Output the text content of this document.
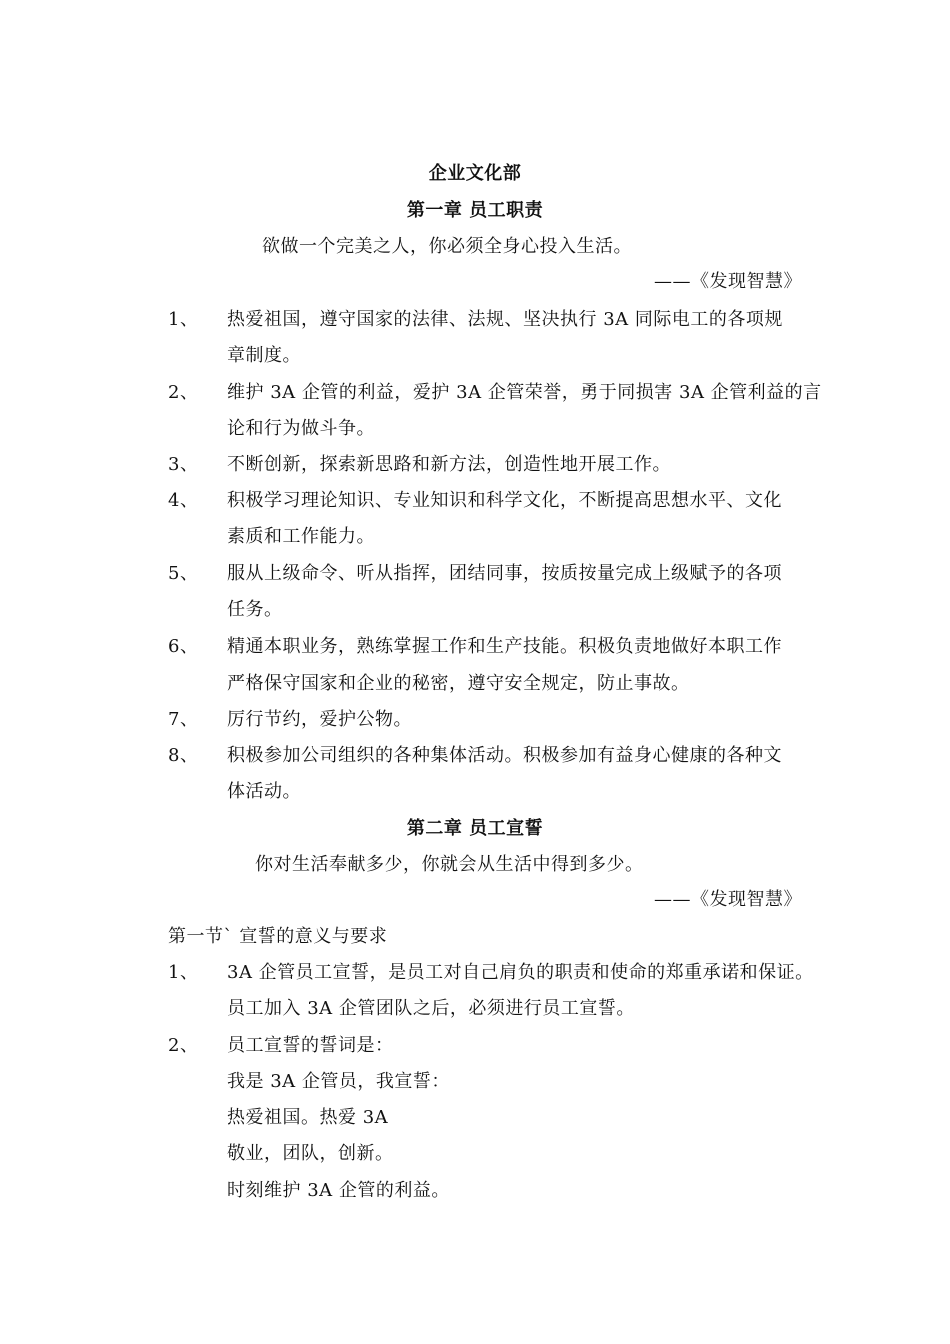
企业文化部
第一章 员工职责
欲做一个完美之人，你必须全身心投入生活。
——《发现智慧》
1、	热爱祖国，遵守国家的法律、法规、坚决执行 3A 同际电工的各项规
章制度。
2、	维护 3A 企管的利益，爱护 3A 企管荣誉，勇于同损害 3A 企管利益的言
论和行为做斗争。
3、	不断创新，探索新思路和新方法，创造性地开展工作。
4、	积极学习理论知识、专业知识和科学文化，不断提高思想水平、文化
素质和工作能力。
5、	服从上级命令、听从指挥，团结同事，按质按量完成上级赋予的各项
任务。
6、	精通本职业务，熟练掌握工作和生产技能。积极负责地做好本职工作
严格保守国家和企业的秘密，遵守安全规定，防止事故。
7、	厉行节约，爱护公物。
8、	积极参加公司组织的各种集体活动。积极参加有益身心健康的各种文
体活动。
第二章 员工宣誓
你对生活奉献多少，你就会从生活中得到多少。
——《发现智慧》
第一节` 宣誓的意义与要求
1、	3A 企管员工宣誓，是员工对自己肩负的职责和使命的郑重承诺和保证。
员工加入 3A 企管团队之后，必须进行员工宣誓。
2、	员工宣誓的誓词是：
我是 3A 企管员，我宣誓：
热爱祖国。热爱 3A
敬业，团队，创新。
时刻维护 3A 企管的利益。
